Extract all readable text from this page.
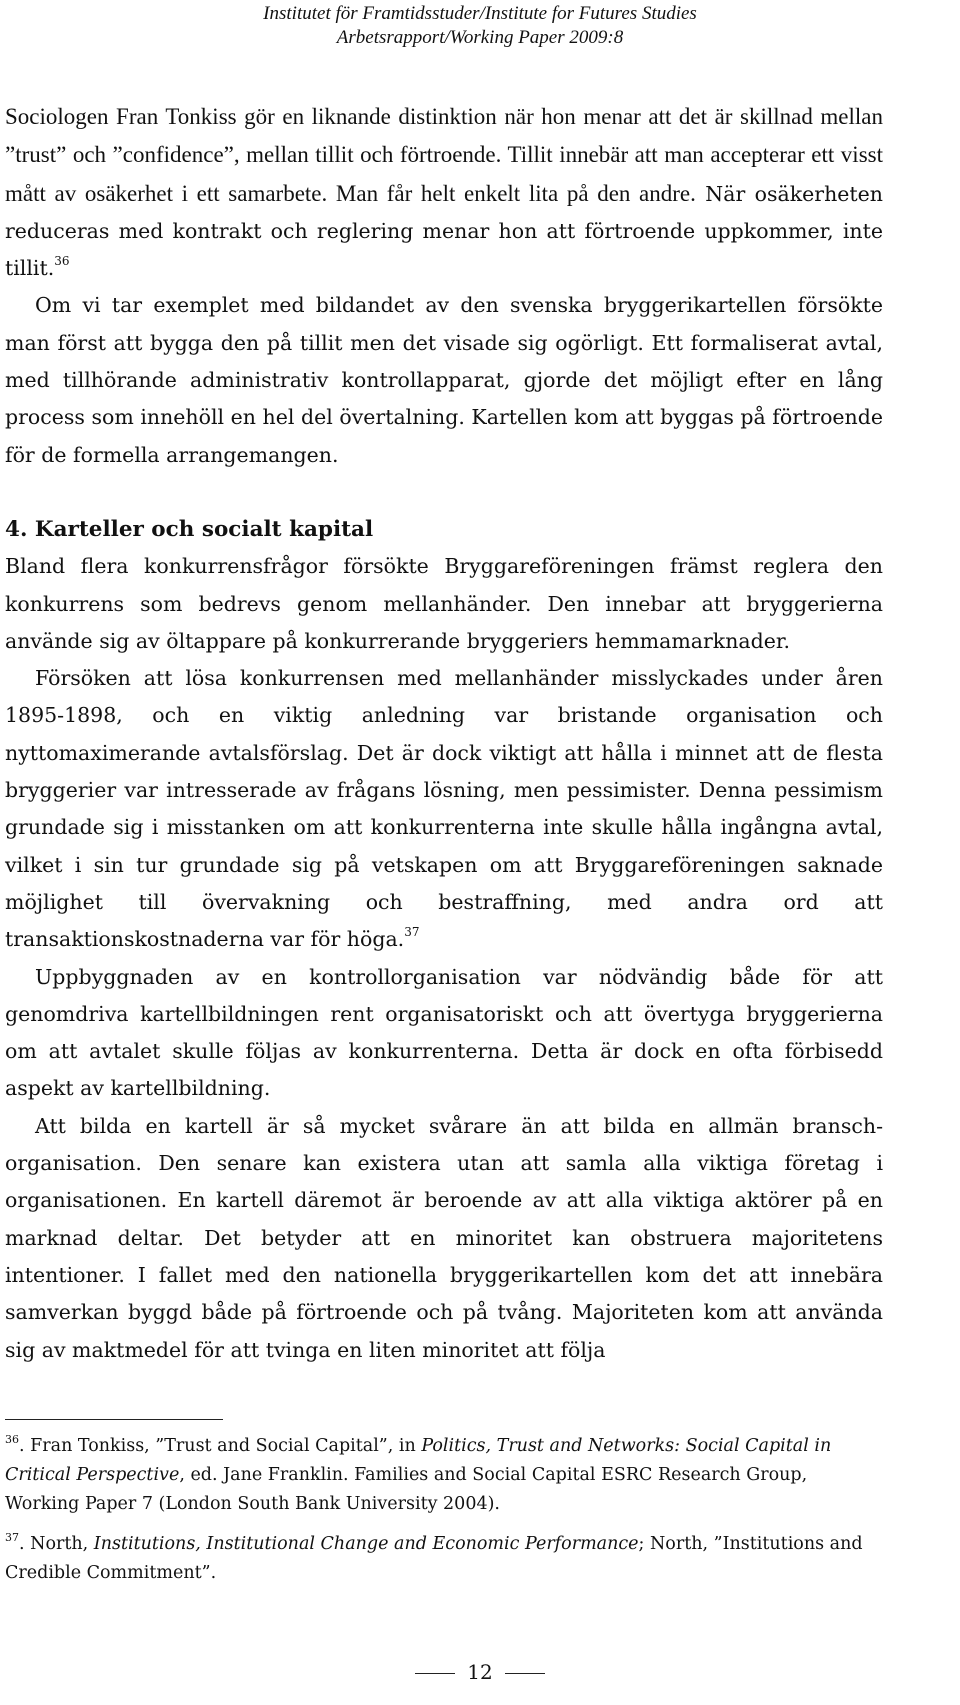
Institutet för Framtidsstuder/Institute for Futures Studies
Arbetsrapport/Working Paper 2009:8

Sociologen Fran Tonkiss gör en liknande distinktion när hon menar att det är skillnad mellan ”trust” och ”confidence”, mellan tillit och förtroende. Tillit innebär att man accepterar ett visst mått av osäkerhet i ett samarbete. Man får helt enkelt lita på den andre. När osäkerheten reduceras med kontrakt och reglering menar hon att förtroende uppkommer, inte tillit.$^{36}$

Om vi tar exemplet med bildandet av den svenska bryggerikartellen försökte man först att bygga den på tillit men det visade sig ogörligt. Ett formaliserat avtal, med tillhörande administrativ kontrollapparat, gjorde det möjligt efter en lång process som innehöll en hel del övertalning. Kartellen kom att byggas på förtroende för de formella arrangemangen.

4. Karteller och socialt kapital

Bland flera konkurrensfrågor försökte Bryggareföreningen främst reglera den konkurrens som bedrevs genom mellanhänder. Den innebar att bryggerierna använde sig av öltappare på konkurrerande bryggeriers hemmamarknader.

Försöken att lösa konkurrensen med mellanhänder misslyckades under åren 1895-1898, och en viktig anledning var bristande organisation och nyttomaximerande avtalsförslag. Det är dock viktigt att hålla i minnet att de flesta bryggerier var intresserade av frågans lösning, men pessimister. Denna pessimism grundade sig i misstanken om att konkurrenterna inte skulle hålla ingångna avtal, vilket i sin tur grundade sig på vetskapen om att Bryggareföreningen saknade möjlighet till övervakning och bestraffning, med andra ord att transaktionskostnaderna var för höga.$^{37}$

Uppbyggnaden av en kontrollorganisation var nödvändig både för att genomdriva kartellbildningen rent organisatoriskt och att övertyga bryggerierna om att avtalet skulle följas av konkurrenterna. Detta är dock en ofta förbisedd aspekt av kartellbildning.

Att bilda en kartell är så mycket svårare än att bilda en allmän bransch-organisation. Den senare kan existera utan att samla alla viktiga företag i organisationen. En kartell däremot är beroende av att alla viktiga aktörer på en marknad deltar. Det betyder att en minoritet kan obstruera majoritetens intentioner. I fallet med den nationella bryggerikartellen kom det att innebära samverkan byggd både på förtroende och på tvång. Majoriteten kom att använda sig av maktmedel för att tvinga en liten minoritet att följa

$^{36}$. Fran Tonkiss, ”Trust and Social Capital”, in Politics, Trust and Networks: Social Capital in Critical Perspective, ed. Jane Franklin. Families and Social Capital ESRC Research Group, Working Paper 7 (London South Bank University 2004).

$^{37}$. North, Institutions, Institutional Change and Economic Performance; North, ”Institutions and Credible Commitment”.

12
